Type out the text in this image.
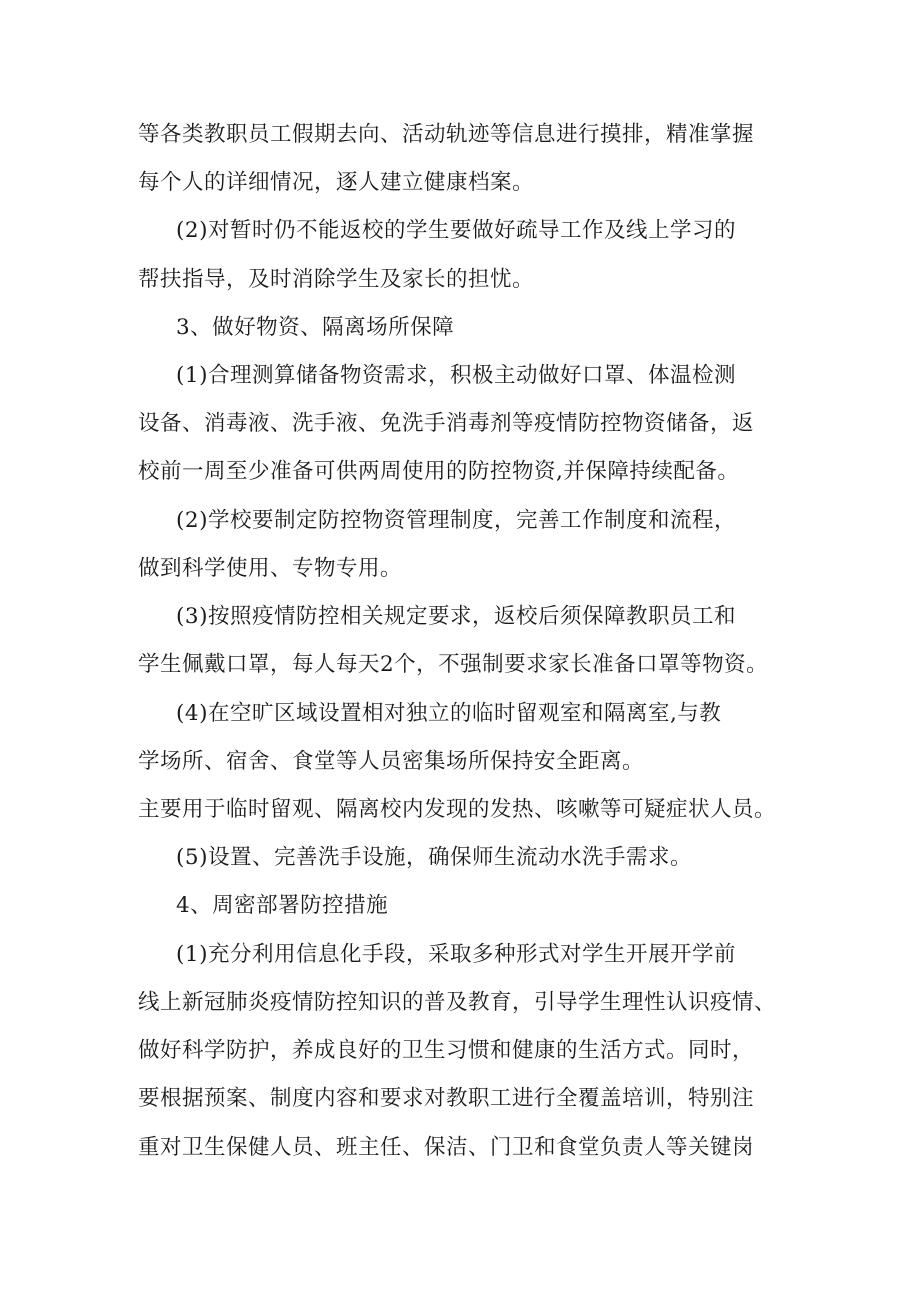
等各类教职员工假期去向、活动轨迹等信息进行摸排，精准掌握
每个人的详细情况，逐人建立健康档案。
(2)对暂时仍不能返校的学生要做好疏导工作及线上学习的
帮扶指导，及时消除学生及家长的担忧。
3、做好物资、隔离场所保障
(1)合理测算储备物资需求，积极主动做好口罩、体温检测
设备、消毒液、洗手液、免洗手消毒剂等疫情防控物资储备，返
校前一周至少准备可供两周使用的防控物资,并保障持续配备。
(2)学校要制定防控物资管理制度，完善工作制度和流程，
做到科学使用、专物专用。
(3)按照疫情防控相关规定要求，返校后须保障教职员工和
学生佩戴口罩，每人每天2个，不强制要求家长准备口罩等物资。
(4)在空旷区域设置相对独立的临时留观室和隔离室,与教
学场所、宿舍、食堂等人员密集场所保持安全距离。
主要用于临时留观、隔离校内发现的发热、咳嗽等可疑症状人员。
(5)设置、完善洗手设施，确保师生流动水洗手需求。
4、周密部署防控措施
(1)充分利用信息化手段，采取多种形式对学生开展开学前
线上新冠肺炎疫情防控知识的普及教育，引导学生理性认识疫情、
做好科学防护，养成良好的卫生习惯和健康的生活方式。同时，
要根据预案、制度内容和要求对教职工进行全覆盖培训，特别注
重对卫生保健人员、班主任、保洁、门卫和食堂负责人等关键岗
